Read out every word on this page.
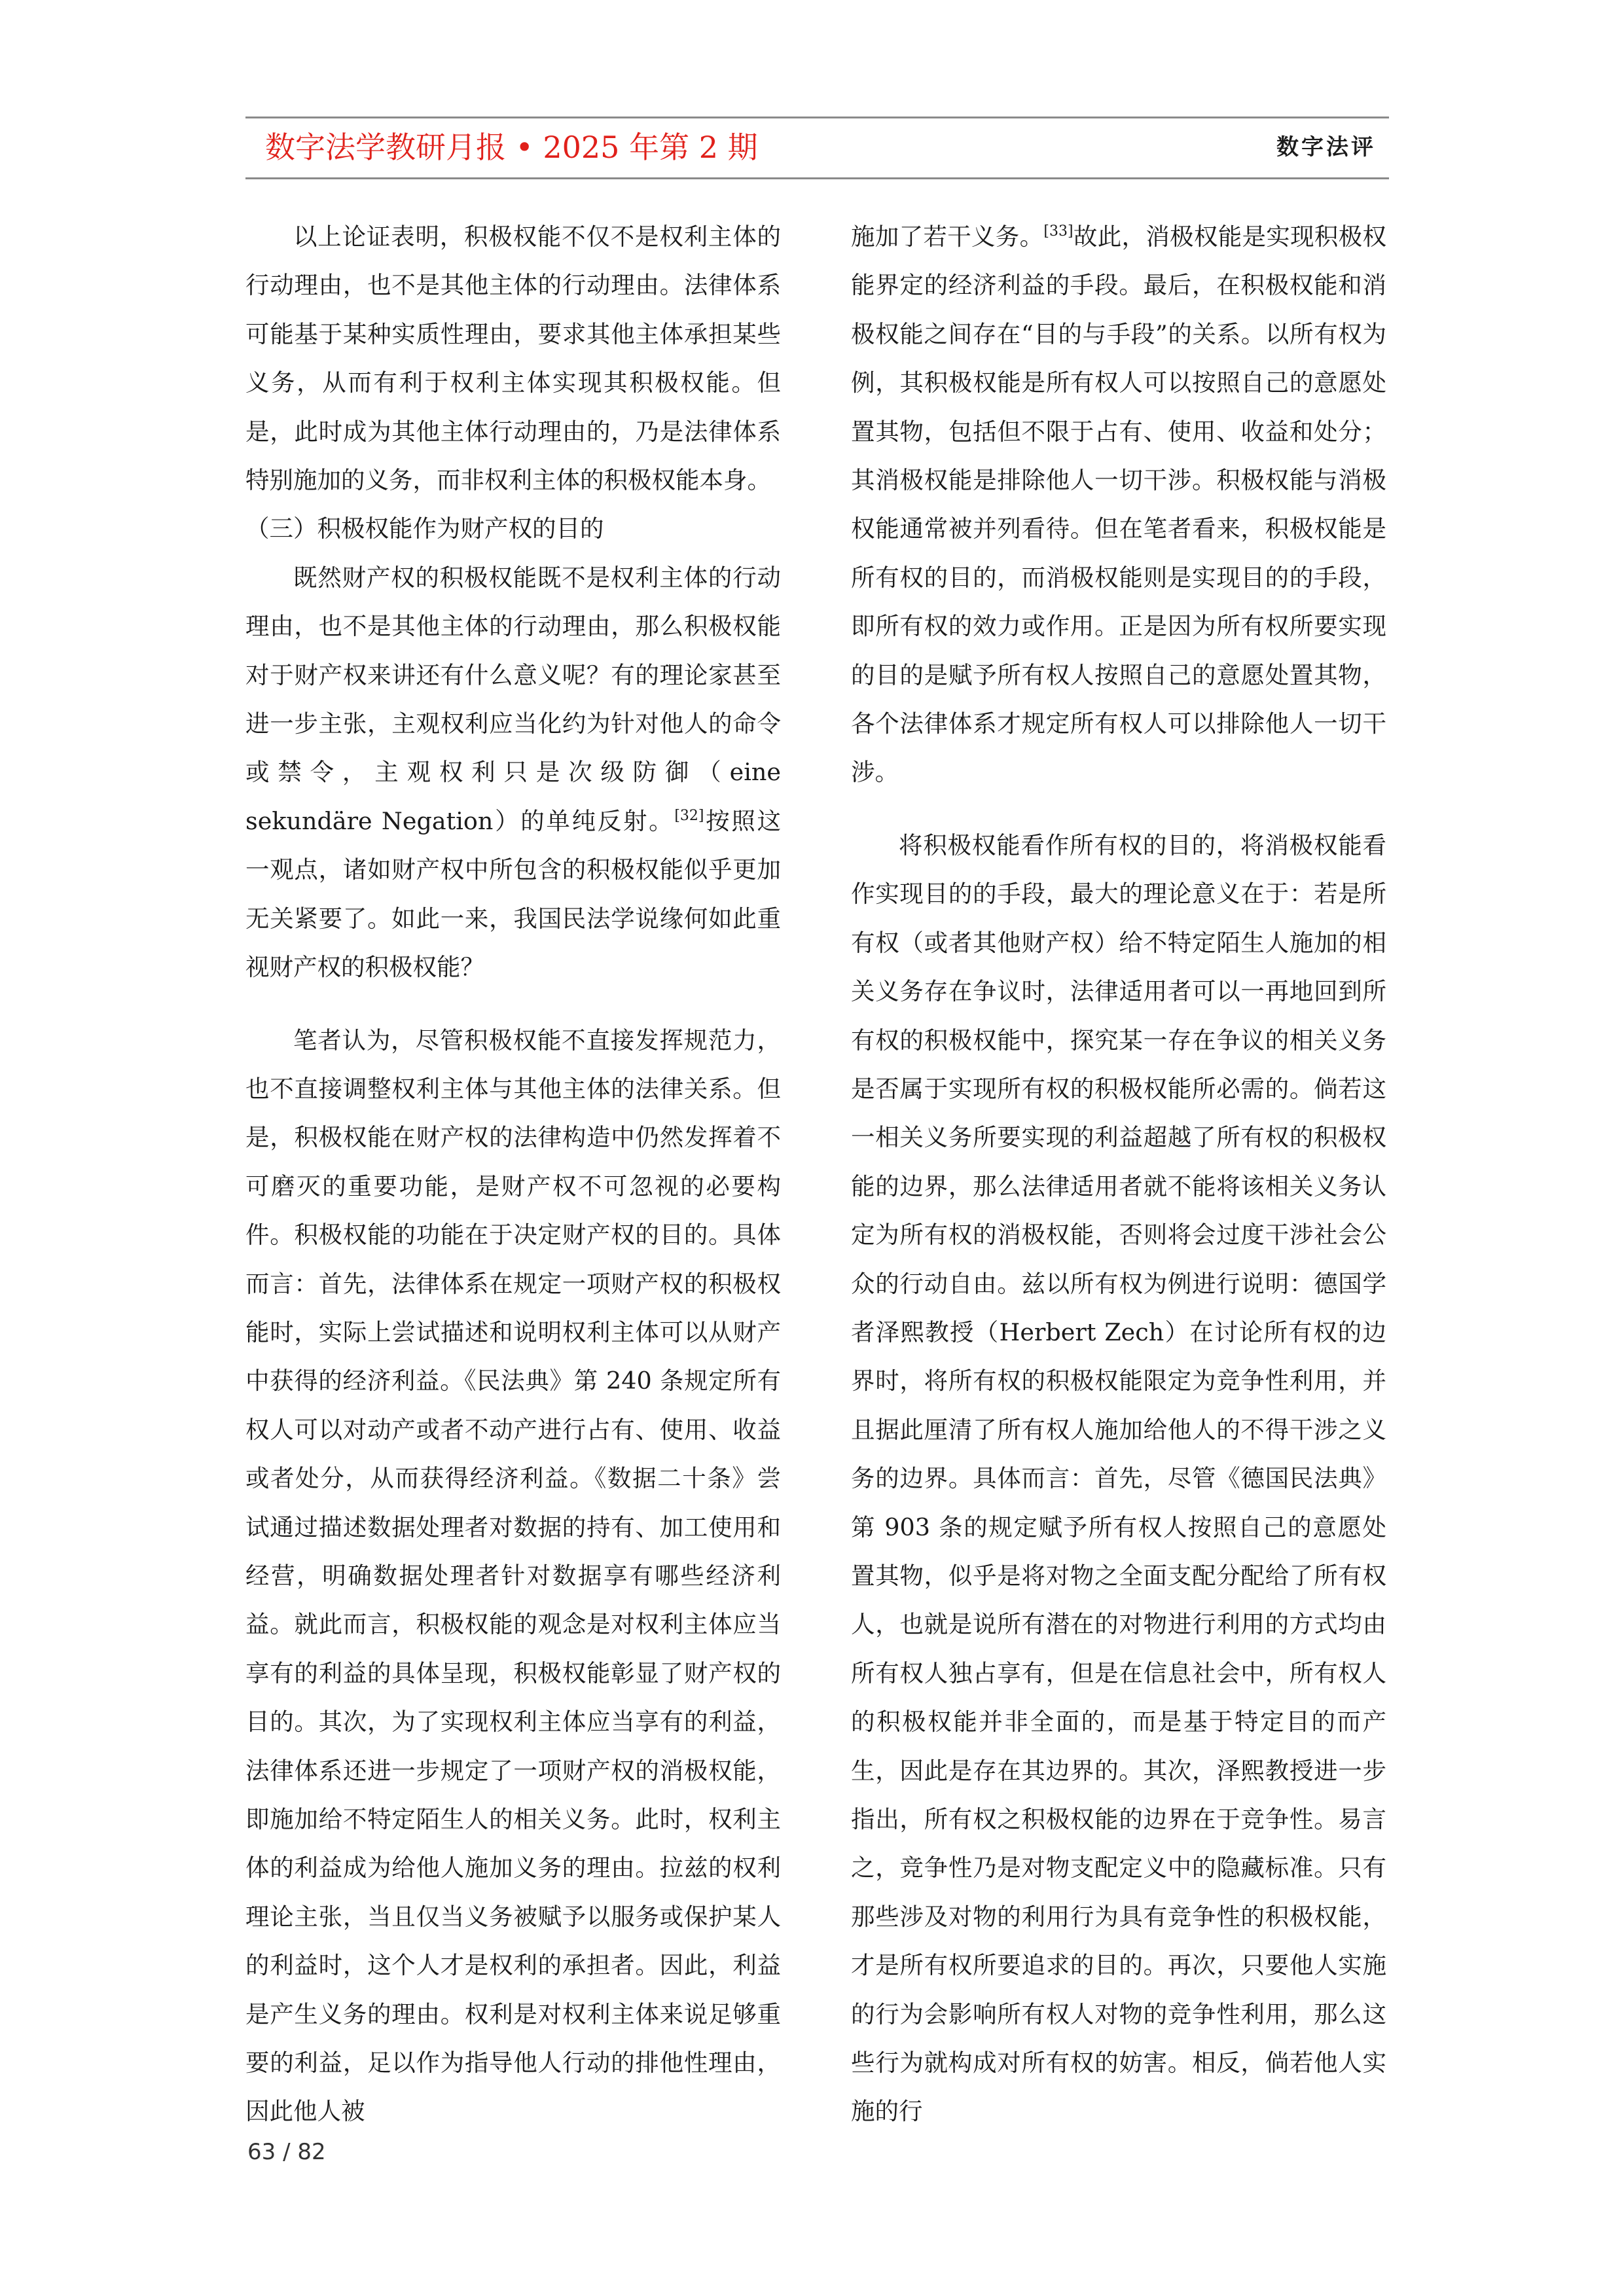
数字法学教研月报 • 2025 年第 2 期	数字法评

以上论证表明，积极权能不仅不是权利主体的行动理由，也不是其他主体的行动理由。法律体系可能基于某种实质性理由，要求其他主体承担某些义务，从而有利于权利主体实现其积极权能。但是，此时成为其他主体行动理由的，乃是法律体系特别施加的义务，而非权利主体的积极权能本身。

（三）积极权能作为财产权的目的

既然财产权的积极权能既不是权利主体的行动理由，也不是其他主体的行动理由，那么积极权能对于财产权来讲还有什么意义呢？有的理论家甚至进一步主张，主观权利应当化约为针对他人的命令或禁令，主观权利只是次级防御（eine sekundäre Negation）的单纯反射。[32]按照这一观点，诸如财产权中所包含的积极权能似乎更加无关紧要了。如此一来，我国民法学说缘何如此重视财产权的积极权能？

笔者认为，尽管积极权能不直接发挥规范力，也不直接调整权利主体与其他主体的法律关系。但是，积极权能在财产权的法律构造中仍然发挥着不可磨灭的重要功能，是财产权不可忽视的必要构件。积极权能的功能在于决定财产权的目的。具体而言：首先，法律体系在规定一项财产权的积极权能时，实际上尝试描述和说明权利主体可以从财产中获得的经济利益。《民法典》第 240 条规定所有权人可以对动产或者不动产进行占有、使用、收益或者处分，从而获得经济利益。《数据二十条》尝试通过描述数据处理者对数据的持有、加工使用和经营，明确数据处理者针对数据享有哪些经济利益。就此而言，积极权能的观念是对权利主体应当享有的利益的具体呈现，积极权能彰显了财产权的目的。其次，为了实现权利主体应当享有的利益，法律体系还进一步规定了一项财产权的消极权能，即施加给不特定陌生人的相关义务。此时，权利主体的利益成为给他人施加义务的理由。拉兹的权利理论主张，当且仅当义务被赋予以服务或保护某人的利益时，这个人才是权利的承担者。因此，利益是产生义务的理由。权利是对权利主体来说足够重要的利益，足以作为指导他人行动的排他性理由，因此他人被

施加了若干义务。[33]故此，消极权能是实现积极权能界定的经济利益的手段。最后，在积极权能和消极权能之间存在“目的与手段”的关系。以所有权为例，其积极权能是所有权人可以按照自己的意愿处置其物，包括但不限于占有、使用、收益和处分；其消极权能是排除他人一切干涉。积极权能与消极权能通常被并列看待。但在笔者看来，积极权能是所有权的目的，而消极权能则是实现目的的手段，即所有权的效力或作用。正是因为所有权所要实现的目的是赋予所有权人按照自己的意愿处置其物，各个法律体系才规定所有权人可以排除他人一切干涉。

将积极权能看作所有权的目的，将消极权能看作实现目的的手段，最大的理论意义在于：若是所有权（或者其他财产权）给不特定陌生人施加的相关义务存在争议时，法律适用者可以一再地回到所有权的积极权能中，探究某一存在争议的相关义务是否属于实现所有权的积极权能所必需的。倘若这一相关义务所要实现的利益超越了所有权的积极权能的边界，那么法律适用者就不能将该相关义务认定为所有权的消极权能，否则将会过度干涉社会公众的行动自由。兹以所有权为例进行说明：德国学者泽熙教授（Herbert Zech）在讨论所有权的边界时，将所有权的积极权能限定为竞争性利用，并且据此厘清了所有权人施加给他人的不得干涉之义务的边界。具体而言：首先，尽管《德国民法典》第 903 条的规定赋予所有权人按照自己的意愿处置其物，似乎是将对物之全面支配分配给了所有权人，也就是说所有潜在的对物进行利用的方式均由所有权人独占享有，但是在信息社会中，所有权人的积极权能并非全面的，而是基于特定目的而产生，因此是存在其边界的。其次，泽熙教授进一步指出，所有权之积极权能的边界在于竞争性。易言之，竞争性乃是对物支配定义中的隐藏标准。只有那些涉及对物的利用行为具有竞争性的积极权能，才是所有权所要追求的目的。再次，只要他人实施的行为会影响所有权人对物的竞争性利用，那么这些行为就构成对所有权的妨害。相反，倘若他人实施的行

63 / 82
